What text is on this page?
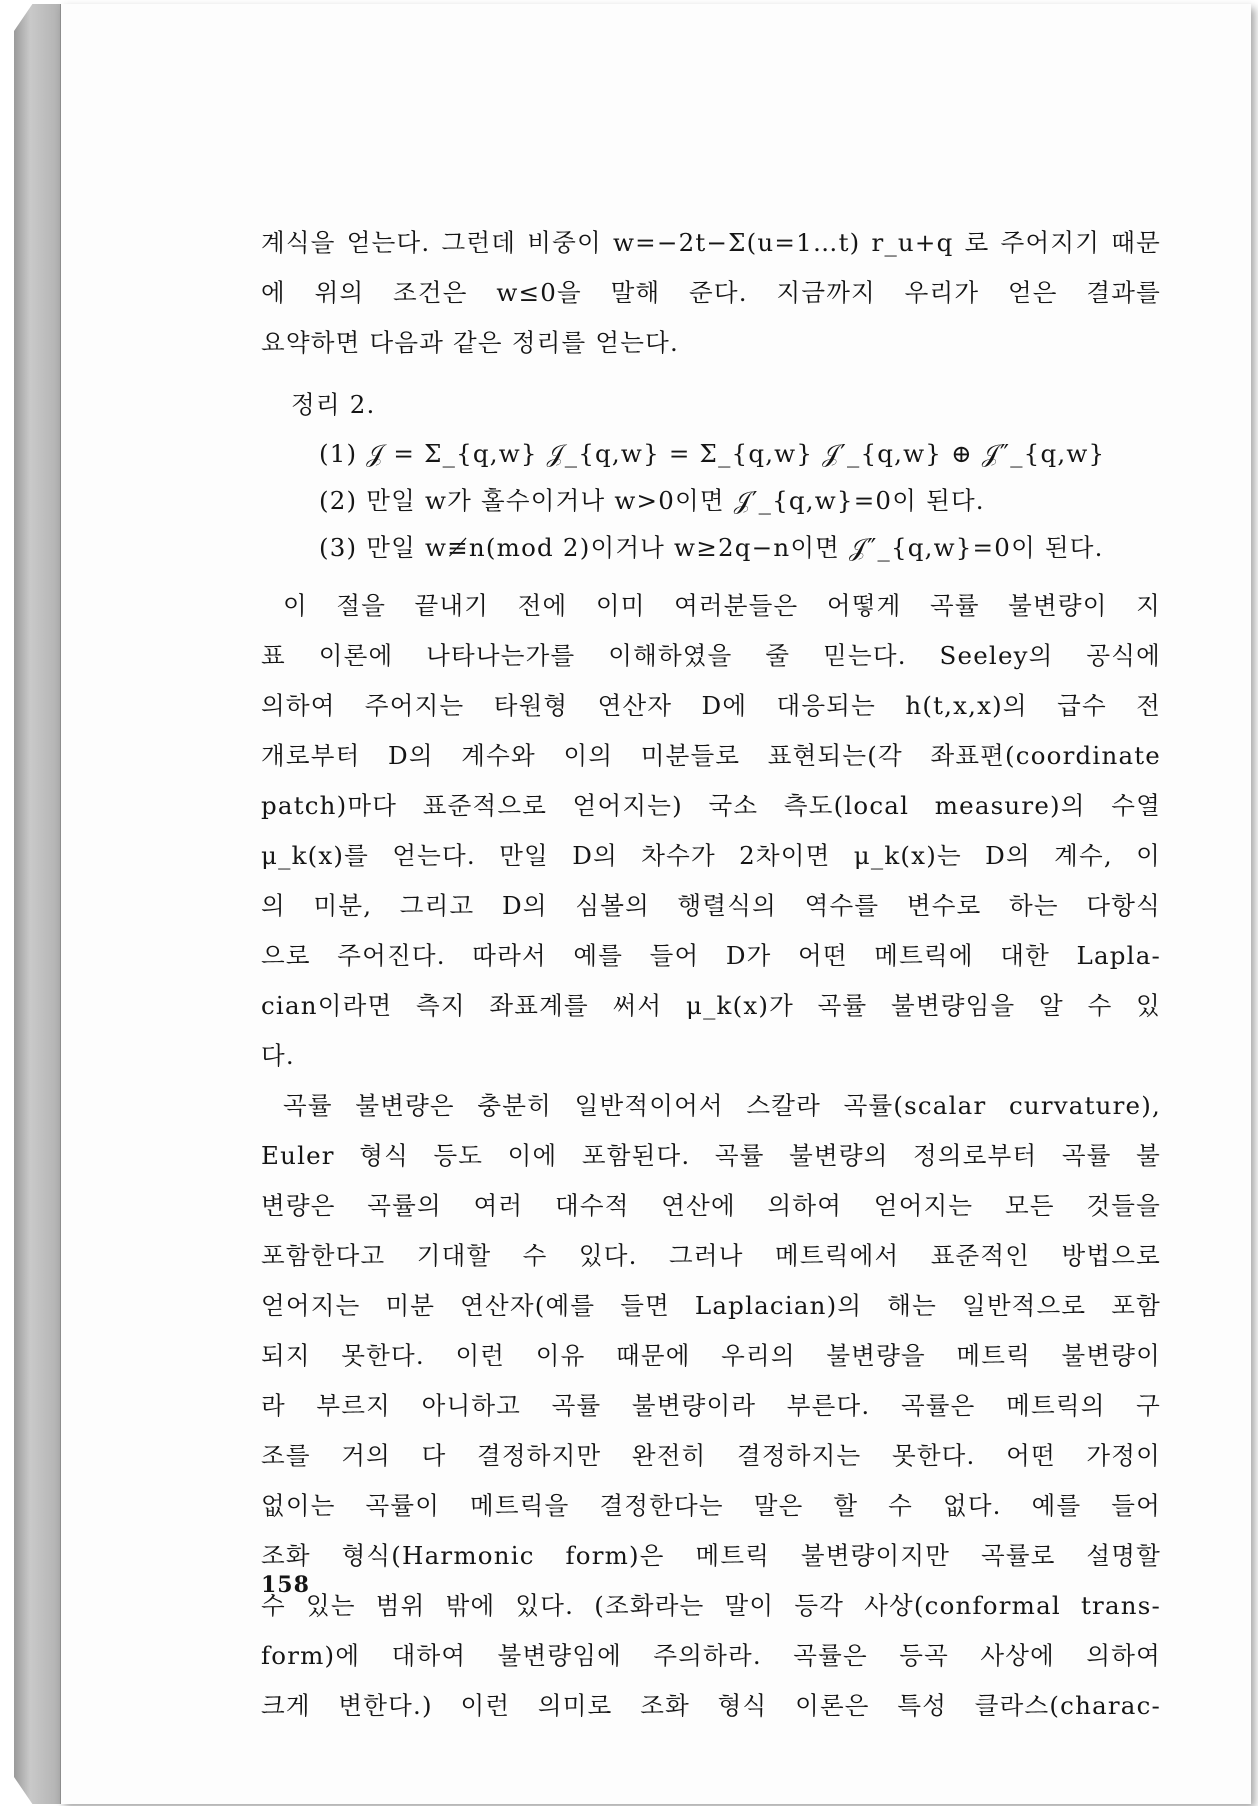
계식을 얻는다. 그런데 비중이 w=−2t−Σ(u=1…t) r_u+q 로 주어지기 때문
에 위의 조건은 w≤0을 말해 준다. 지금까지 우리가 얻은 결과를
요약하면 다음과 같은 정리를 얻는다.
정리 2.
(1) 𝒥 = Σ_{q,w} 𝒥_{q,w} = Σ_{q,w} 𝒥′_{q,w} ⊕ 𝒥″_{q,w}
(2) 만일 w가 홀수이거나 w>0이면 𝒥′_{q,w}=0이 된다.
(3) 만일 w≢n(mod 2)이거나 w≥2q−n이면 𝒥″_{q,w}=0이 된다.
이 절을 끝내기 전에 이미 여러분들은 어떻게 곡률 불변량이 지
표 이론에 나타나는가를 이해하였을 줄 믿는다. Seeley의 공식에
의하여 주어지는 타원형 연산자 D에 대응되는 h(t,x,x)의 급수 전
개로부터 D의 계수와 이의 미분들로 표현되는(각 좌표편(coordinate
patch)마다 표준적으로 얻어지는) 국소 측도(local measure)의 수열
μ_k(x)를 얻는다. 만일 D의 차수가 2차이면 μ_k(x)는 D의 계수, 이
의 미분, 그리고 D의 심볼의 행렬식의 역수를 변수로 하는 다항식
으로 주어진다. 따라서 예를 들어 D가 어떤 메트릭에 대한 Lapla-
cian이라면 측지 좌표계를 써서 μ_k(x)가 곡률 불변량임을 알 수 있
다.
곡률 불변량은 충분히 일반적이어서 스칼라 곡률(scalar curvature),
Euler 형식 등도 이에 포함된다. 곡률 불변량의 정의로부터 곡률 불
변량은 곡률의 여러 대수적 연산에 의하여 얻어지는 모든 것들을
포함한다고 기대할 수 있다. 그러나 메트릭에서 표준적인 방법으로
얻어지는 미분 연산자(예를 들면 Laplacian)의 해는 일반적으로 포함
되지 못한다. 이런 이유 때문에 우리의 불변량을 메트릭 불변량이
라 부르지 아니하고 곡률 불변량이라 부른다. 곡률은 메트릭의 구
조를 거의 다 결정하지만 완전히 결정하지는 못한다. 어떤 가정이
없이는 곡률이 메트릭을 결정한다는 말은 할 수 없다. 예를 들어
조화 형식(Harmonic form)은 메트릭 불변량이지만 곡률로 설명할
수 있는 범위 밖에 있다. (조화라는 말이 등각 사상(conformal trans-
form)에 대하여 불변량임에 주의하라. 곡률은 등곡 사상에 의하여
크게 변한다.) 이런 의미로 조화 형식 이론은 특성 클라스(charac-
158
